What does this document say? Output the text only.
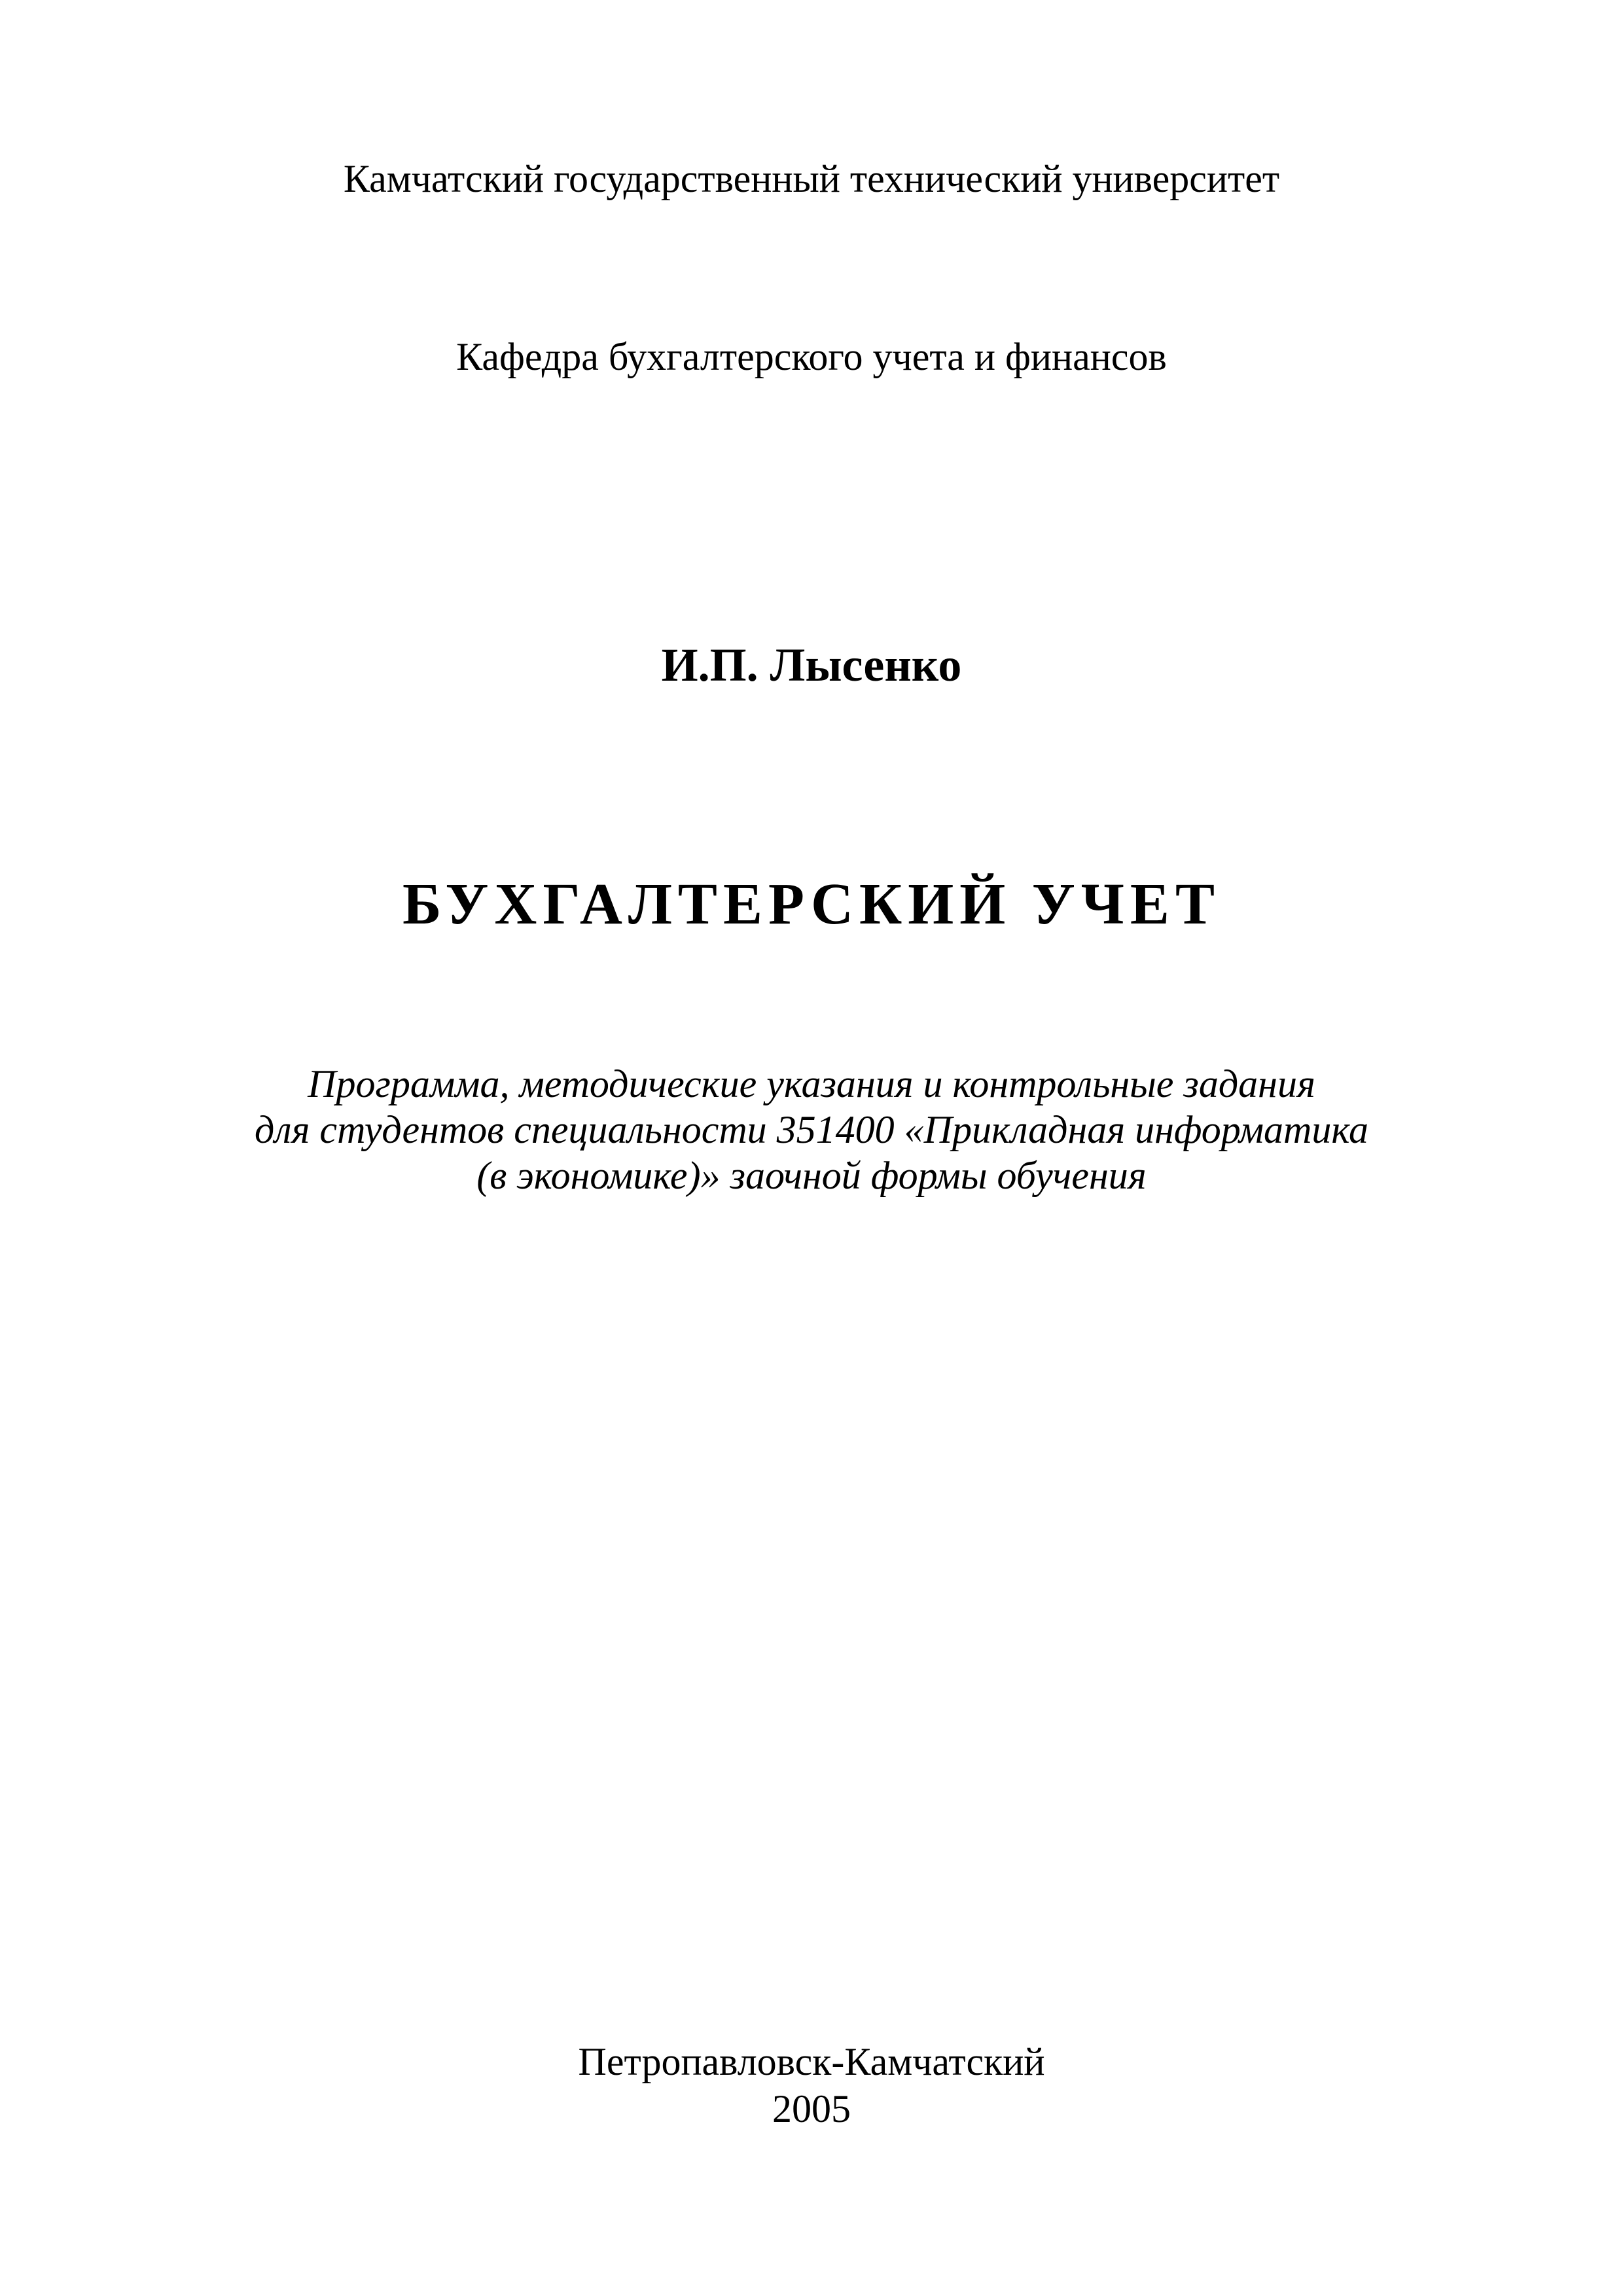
Камчатский государственный технический университет
Кафедра бухгалтерского учета и финансов
И.П. Лысенко
БУХГАЛТЕРСКИЙ УЧЕТ
Программа, методические указания и контрольные задания
для студентов специальности 351400 «Прикладная информатика
(в экономике)» заочной формы обучения
Петропавловск-Камчатский
2005
